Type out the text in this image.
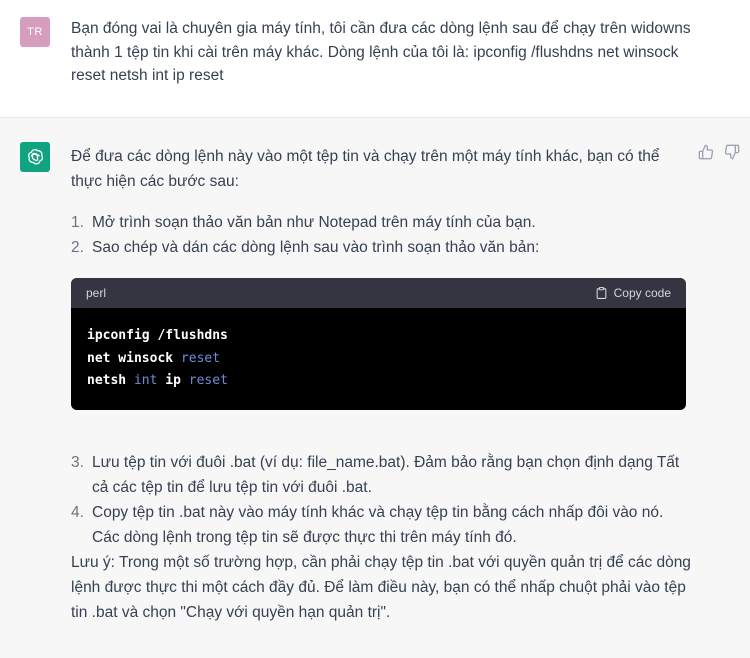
TR	Bạn đóng vai là chuyên gia máy tính, tôi cần đưa các dòng lệnh sau để chạy trên widowns thành 1 tệp tin khi cài trên máy khác. Dòng lệnh của tôi là: ipconfig /flushdns net winsock reset netsh int ip reset

Để đưa các dòng lệnh này vào một tệp tin và chạy trên một máy tính khác, bạn có thể thực hiện các bước sau:

1. Mở trình soạn thảo văn bản như Notepad trên máy tính của bạn.
2. Sao chép và dán các dòng lệnh sau vào trình soạn thảo văn bản:
perl	Copy code
ipconfig /flushdns
net winsock reset
netsh int ip reset
3. Lưu tệp tin với đuôi .bat (ví dụ: file_name.bat). Đảm bảo rằng bạn chọn định dạng Tất cả các tệp tin để lưu tệp tin với đuôi .bat.
4. Copy tệp tin .bat này vào máy tính khác và chạy tệp tin bằng cách nhấp đôi vào nó. Các dòng lệnh trong tệp tin sẽ được thực thi trên máy tính đó.

Lưu ý: Trong một số trường hợp, cần phải chạy tệp tin .bat với quyền quản trị để các dòng lệnh được thực thi một cách đầy đủ. Để làm điều này, bạn có thể nhấp chuột phải vào tệp tin .bat và chọn "Chạy với quyền hạn quản trị".
